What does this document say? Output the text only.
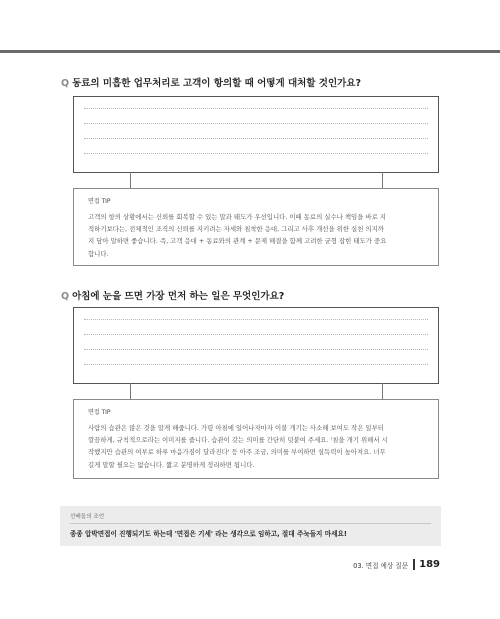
Q 동료의 미흡한 업무처리로 고객이 항의할 때 어떻게 대처할 것인가요?
면접 TIP
고객의 항의 상황에서는 신뢰를 회복할 수 있는 말과 태도가 우선입니다. 이때 동료의 실수나 책임을 바로 지
적하기보다는, 전체적인 조직의 신뢰를 지키려는 자세와 침착한 응대, 그리고 사후 개선을 위한 실천 의지까
지 담아 말하면 좋습니다. 즉, 고객 응대 + 동료와의 관계 + 문제 해결을 함께 고려한 균형 잡힌 태도가 중요
합니다.
Q 아침에 눈을 뜨면 가장 먼저 하는 일은 무엇인가요?
면접 TIP
사람의 습관은 많은 것을 알게 해줍니다. 가령 아침에 일어나자마자 이불 개기는 사소해 보여도 작은 일부터
깔끔하게, 규칙적으로라는 이미지를 줍니다. 습관이 갖는 의미를 간단히 덧붙여 주세요. '침을 개기 위해서 시
작했지만 습관의 여부로 하루 마음가짐이 달라진다' 등 아주 조금, 의미를 부여하면 설득력이 높아져요. 너무
길게 말할 필요는 없습니다. 짧고 분명하게 정리하면 됩니다.
선배들의 조언
종종 압박면접이 진행되기도 하는데 '면접은 기세' 라는 생각으로 임하고, 절대 주눅들지 마세요!
03. 면접 예상 질문 189
